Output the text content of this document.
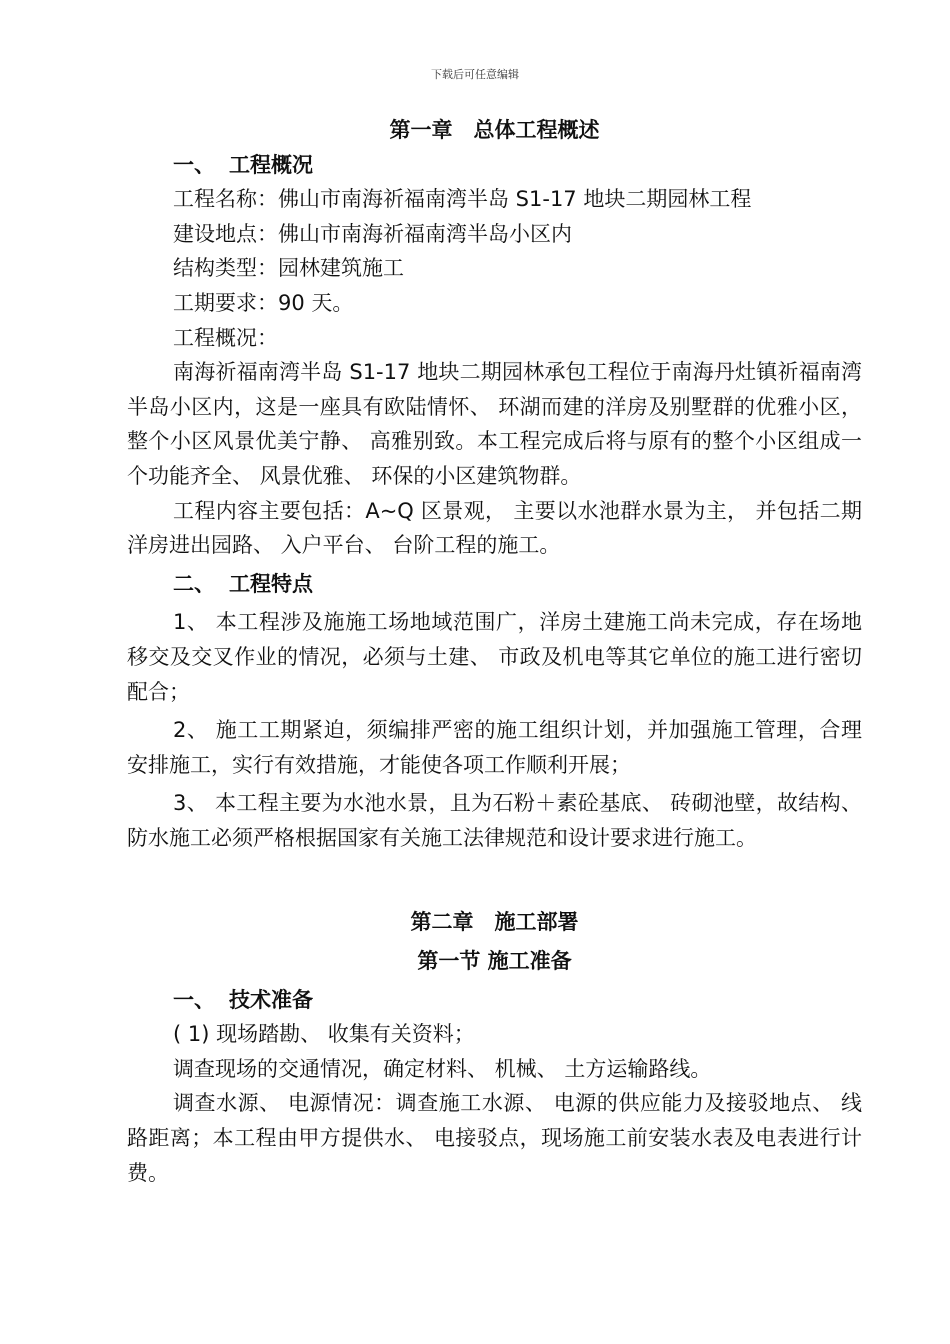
下载后可任意编辑

第一章　总体工程概述

一、 工程概况

工程名称：佛山市南海祈福南湾半岛 S1-17 地块二期园林工程

建设地点：佛山市南海祈福南湾半岛小区内

结构类型：园林建筑施工

工期要求：90 天。

工程概况：

南海祈福南湾半岛 S1-17 地块二期园林承包工程位于南海丹灶镇祈福南湾半岛小区内，这是一座具有欧陆情怀、 环湖而建的洋房及别墅群的优雅小区，整个小区风景优美宁静、 高雅别致。本工程完成后将与原有的整个小区组成一个功能齐全、 风景优雅、 环保的小区建筑物群。

工程内容主要包括：A~Q 区景观， 主要以水池群水景为主， 并包括二期洋房进出园路、 入户平台、 台阶工程的施工。

二、 工程特点

1、 本工程涉及施施工场地域范围广，洋房土建施工尚未完成，存在场地移交及交叉作业的情况，必须与土建、 市政及机电等其它单位的施工进行密切配合；

2、 施工工期紧迫，须编排严密的施工组织计划，并加强施工管理，合理安排施工，实行有效措施，才能使各项工作顺利开展；

3、 本工程主要为水池水景，且为石粉＋素砼基底、 砖砌池壁，故结构、 防水施工必须严格根据国家有关施工法律规范和设计要求进行施工。

第二章　施工部署

第一节 施工准备

一、 技术准备

( 1) 现场踏勘、 收集有关资料；

调查现场的交通情况，确定材料、 机械、 土方运输路线。

调查水源、 电源情况：调查施工水源、 电源的供应能力及接驳地点、 线路距离；本工程由甲方提供水、 电接驳点，现场施工前安装水表及电表进行计费。
